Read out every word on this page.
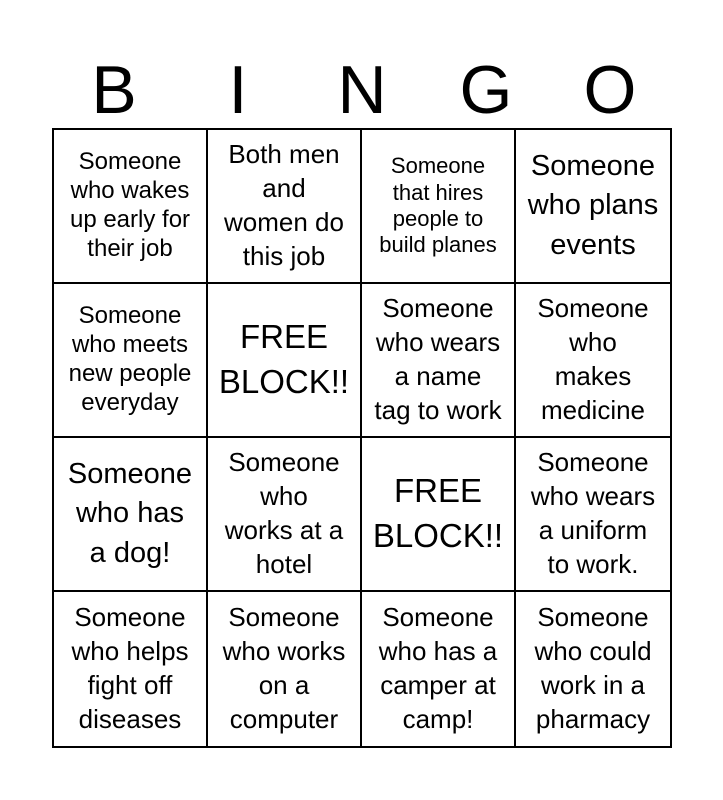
B	I	N	G	O
Someone
who wakes
up early for
their job
Both men
and
women do
this job
Someone
that hires
people to
build planes
Someone
who plans
events
Someone
who meets
new people
everyday
FREE
BLOCK!!
Someone
who wears
a name
tag to work
Someone
who
makes
medicine
Someone
who has
a dog!
Someone
who
works at a
hotel
FREE
BLOCK!!
Someone
who wears
a uniform
to work.
Someone
who helps
fight off
diseases
Someone
who works
on a
computer
Someone
who has a
camper at
camp!
Someone
who could
work in a
pharmacy
